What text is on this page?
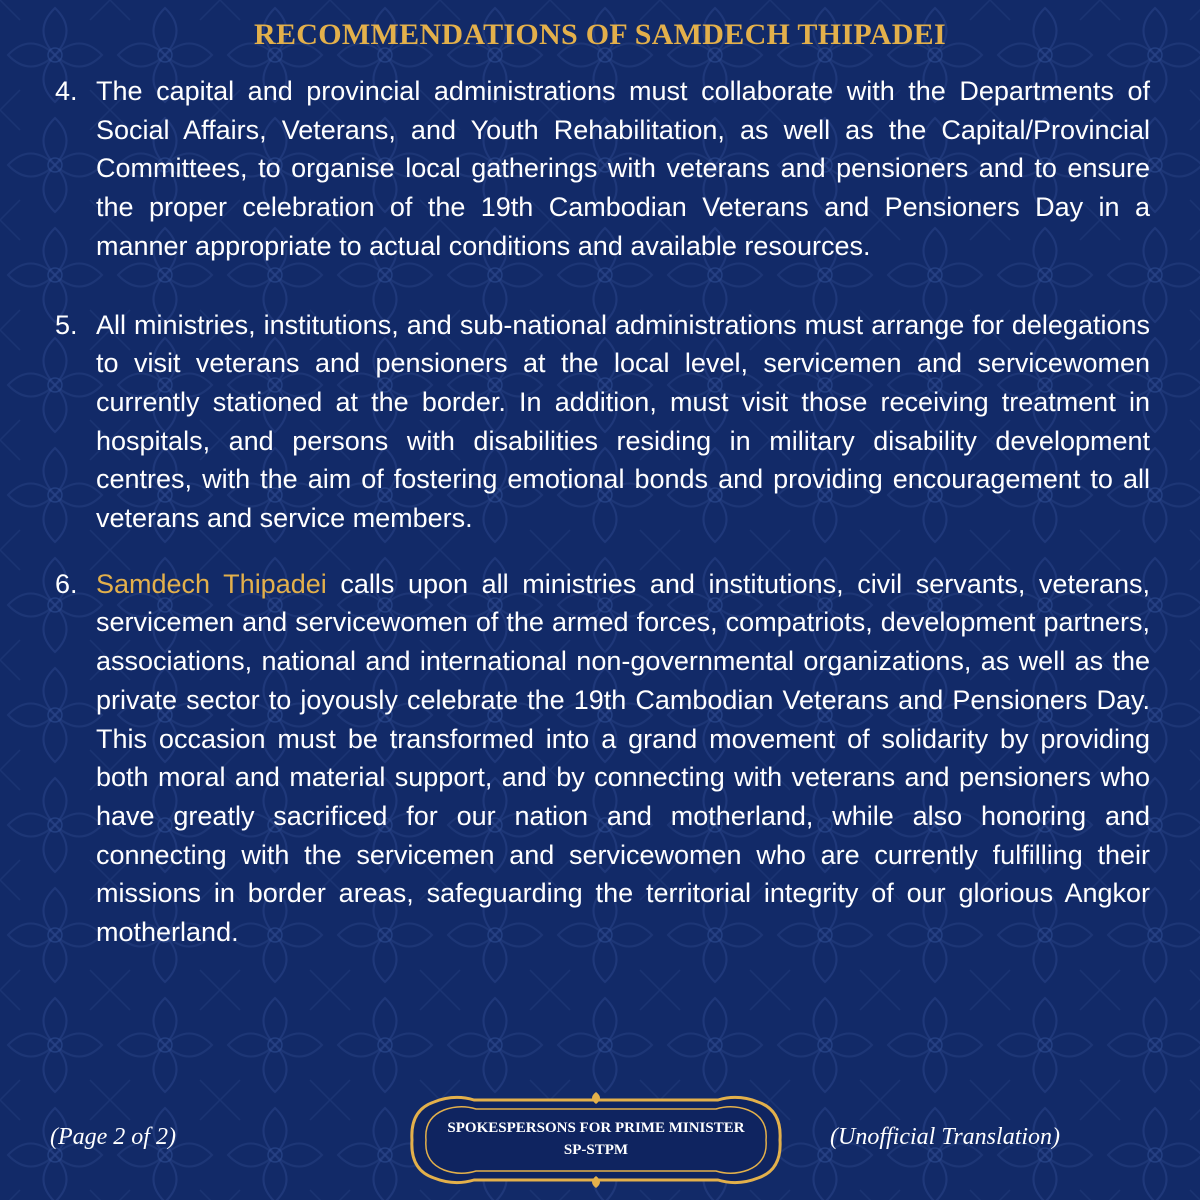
RECOMMENDATIONS OF SAMDECH THIPADEI
4. The capital and provincial administrations must collaborate with the Departments of Social Affairs, Veterans, and Youth Rehabilitation, as well as the Capital/Provincial Committees, to organise local gatherings with veterans and pensioners and to ensure the proper celebration of the 19th Cambodian Veterans and Pensioners Day in a manner appropriate to actual conditions and available resources.
5. All ministries, institutions, and sub-national administrations must arrange for delegations to visit veterans and pensioners at the local level, servicemen and servicewomen currently stationed at the border. In addition, must visit those receiving treatment in hospitals, and persons with disabilities residing in military disability development centres, with the aim of fostering emotional bonds and providing encouragement to all veterans and service members.
6. Samdech Thipadei calls upon all ministries and institutions, civil servants, veterans, servicemen and servicewomen of the armed forces, compatriots, development partners, associations, national and international non-governmental organizations, as well as the private sector to joyously celebrate the 19th Cambodian Veterans and Pensioners Day. This occasion must be transformed into a grand movement of solidarity by providing both moral and material support, and by connecting with veterans and pensioners who have greatly sacrificed for our nation and motherland, while also honoring and connecting with the servicemen and servicewomen who are currently fulfilling their missions in border areas, safeguarding the territorial integrity of our glorious Angkor motherland.
(Page 2 of 2)	SPOKESPERSONS FOR PRIME MINISTER
SP-STPM	(Unofficial Translation)
